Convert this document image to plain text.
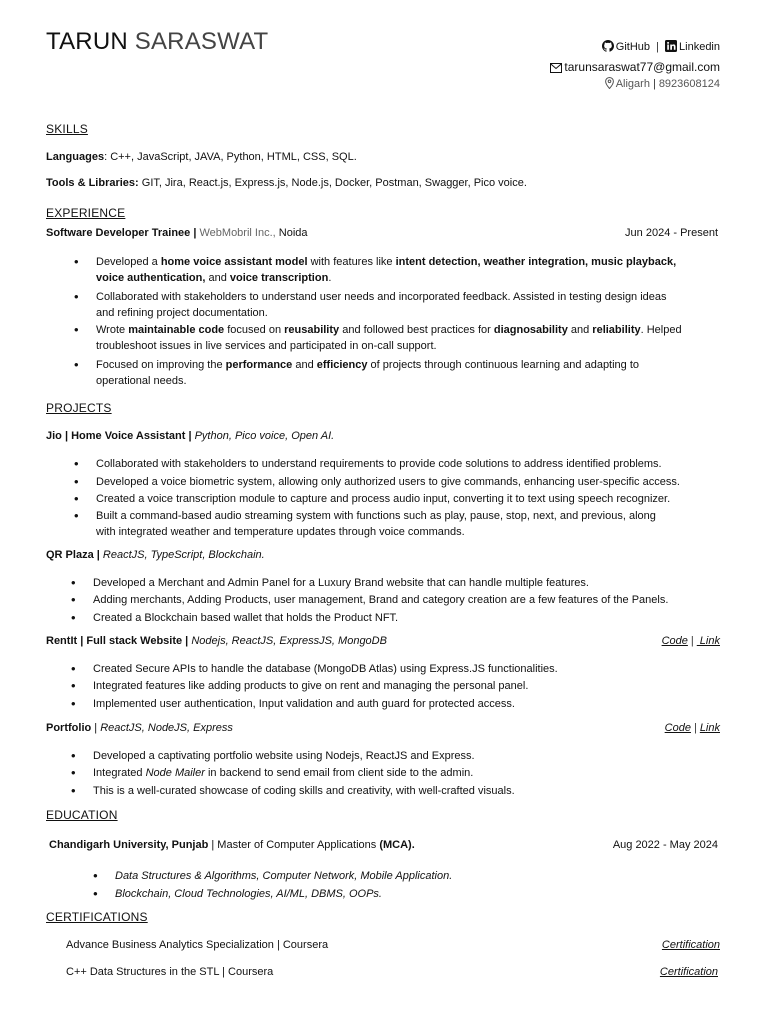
TARUN SARASWAT	GitHub | Linkedin
tarunsaraswat77@gmail.com
Aligarh | 8923608124
SKILLS
Languages: C++, JavaScript, JAVA, Python, HTML, CSS, SQL.
Tools & Libraries: GIT, Jira, React.js, Express.js, Node.js, Docker, Postman, Swagger, Pico voice.
EXPERIENCE
Software Developer Trainee | WebMobril Inc., Noida	Jun 2024 - Present
• Developed a home voice assistant model with features like intent detection, weather integration, music playback,
voice authentication, and voice transcription.
• Collaborated with stakeholders to understand user needs and incorporated feedback. Assisted in testing design ideas
and refining project documentation.
• Wrote maintainable code focused on reusability and followed best practices for diagnosability and reliability. Helped
troubleshoot issues in live services and participated in on-call support.
• Focused on improving the performance and efficiency of projects through continuous learning and adapting to
operational needs.
PROJECTS
Jio | Home Voice Assistant | Python, Pico voice, Open AI.
• Collaborated with stakeholders to understand requirements to provide code solutions to address identified problems.
• Developed a voice biometric system, allowing only authorized users to give commands, enhancing user-specific access.
• Created a voice transcription module to capture and process audio input, converting it to text using speech recognizer.
• Built a command-based audio streaming system with functions such as play, pause, stop, next, and previous, along
with integrated weather and temperature updates through voice commands.
QR Plaza | ReactJS, TypeScript, Blockchain.
• Developed a Merchant and Admin Panel for a Luxury Brand website that can handle multiple features.
• Adding merchants, Adding Products, user management, Brand and category creation are a few features of the Panels.
• Created a Blockchain based wallet that holds the Product NFT.
RentIt | Full stack Website | Nodejs, ReactJS, ExpressJS, MongoDB	Code | Link
• Created Secure APIs to handle the database (MongoDB Atlas) using Express.JS functionalities.
• Integrated features like adding products to give on rent and managing the personal panel.
• Implemented user authentication, Input validation and auth guard for protected access.
Portfolio | ReactJS, NodeJS, Express	Code | Link
• Developed a captivating portfolio website using Nodejs, ReactJS and Express.
• Integrated Node Mailer in backend to send email from client side to the admin.
• This is a well-curated showcase of coding skills and creativity, with well-crafted visuals.
EDUCATION
Chandigarh University, Punjab | Master of Computer Applications (MCA).	Aug 2022 - May 2024
• Data Structures & Algorithms, Computer Network, Mobile Application.
• Blockchain, Cloud Technologies, AI/ML, DBMS, OOPs.
CERTIFICATIONS
Advance Business Analytics Specialization | Coursera	Certification
C++ Data Structures in the STL | Coursera	Certification
